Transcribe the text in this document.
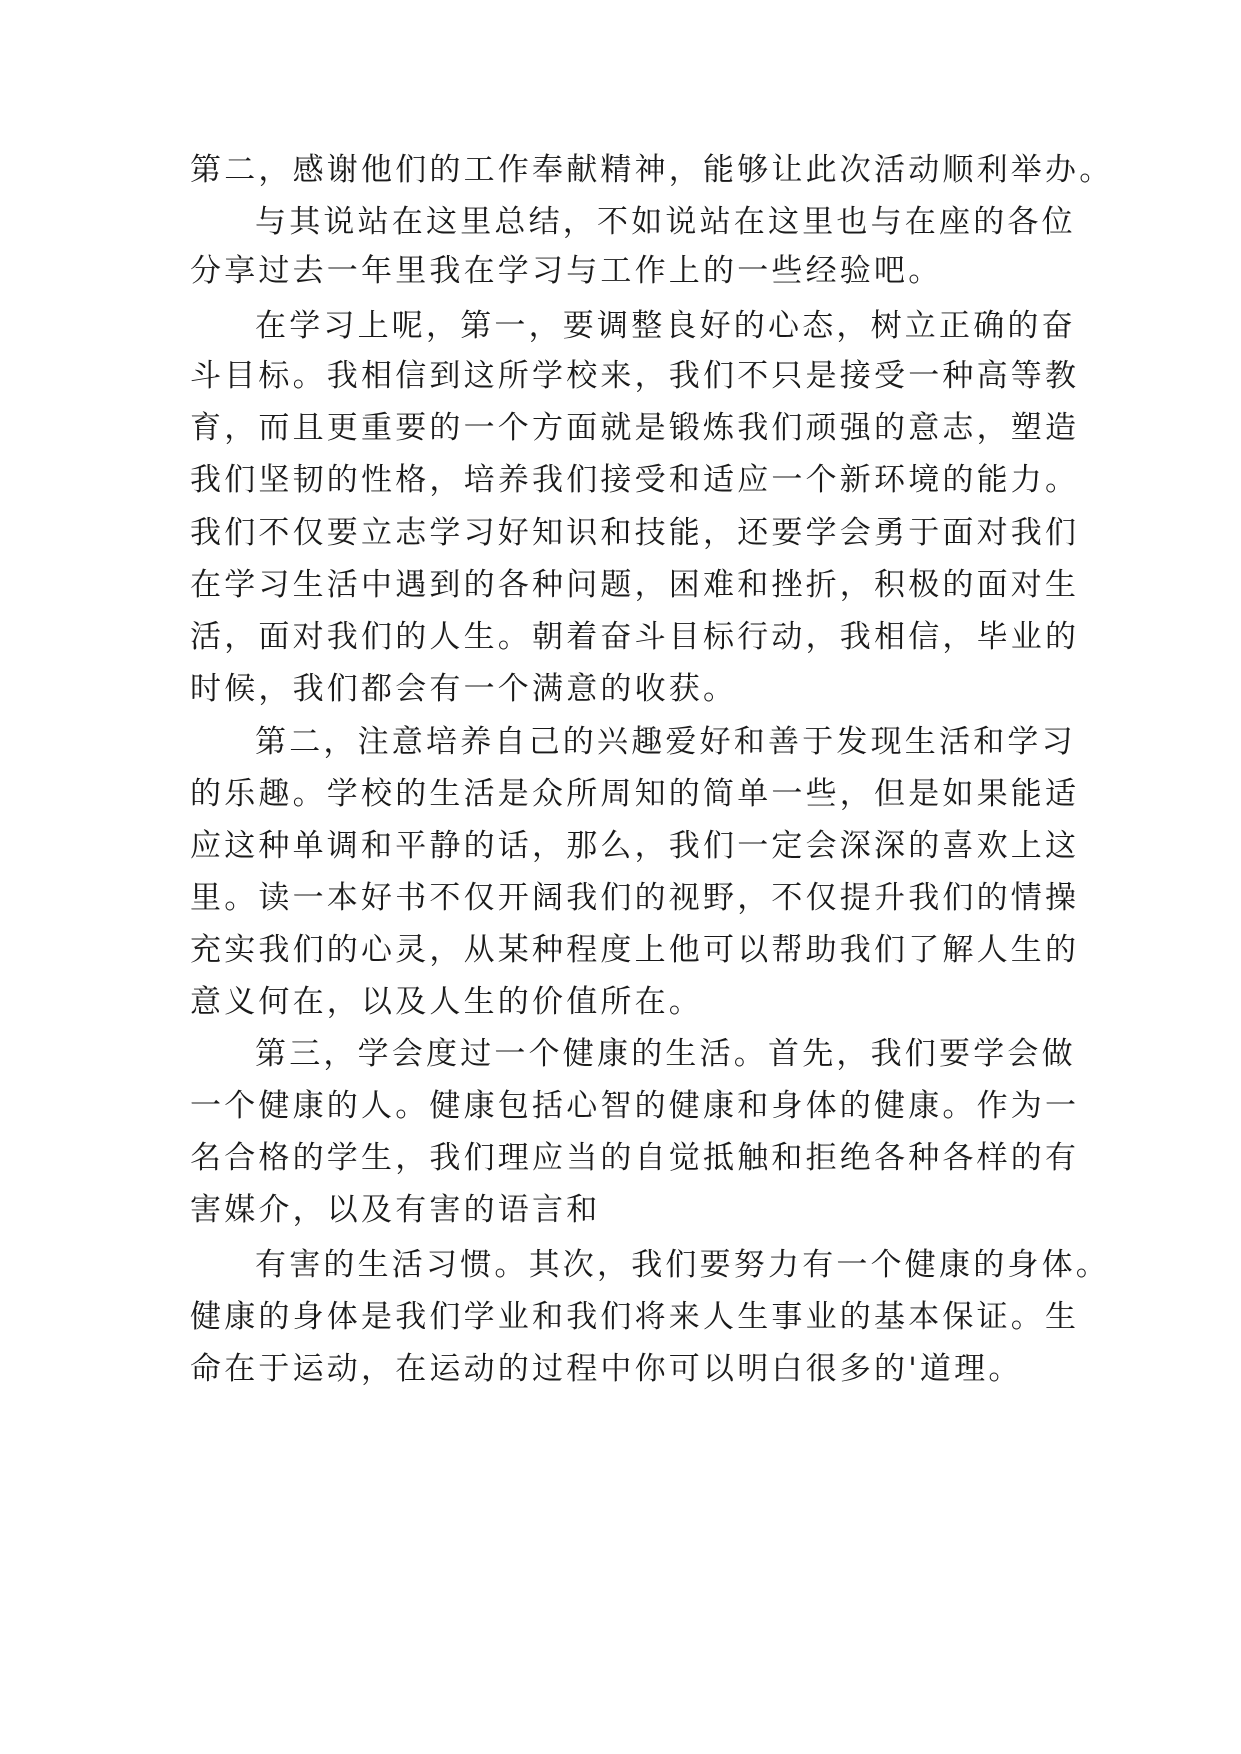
第二，感谢他们的工作奉献精神，能够让此次活动顺利举办。
与其说站在这里总结，不如说站在这里也与在座的各位
分享过去一年里我在学习与工作上的一些经验吧。
在学习上呢，第一，要调整良好的心态，树立正确的奋
斗目标。我相信到这所学校来，我们不只是接受一种高等教
育，而且更重要的一个方面就是锻炼我们顽强的意志，塑造
我们坚韧的性格，培养我们接受和适应一个新环境的能力。
我们不仅要立志学习好知识和技能，还要学会勇于面对我们
在学习生活中遇到的各种问题，困难和挫折，积极的面对生
活，面对我们的人生。朝着奋斗目标行动，我相信，毕业的
时候，我们都会有一个满意的收获。
第二，注意培养自己的兴趣爱好和善于发现生活和学习
的乐趣。学校的生活是众所周知的简单一些，但是如果能适
应这种单调和平静的话，那么，我们一定会深深的喜欢上这
里。读一本好书不仅开阔我们的视野，不仅提升我们的情操
充实我们的心灵，从某种程度上他可以帮助我们了解人生的
意义何在，以及人生的价值所在。
第三，学会度过一个健康的生活。首先，我们要学会做
一个健康的人。健康包括心智的健康和身体的健康。作为一
名合格的学生，我们理应当的自觉抵触和拒绝各种各样的有
害媒介，以及有害的语言和
有害的生活习惯。其次，我们要努力有一个健康的身体。
健康的身体是我们学业和我们将来人生事业的基本保证。生
命在于运动，在运动的过程中你可以明白很多的'道理。
